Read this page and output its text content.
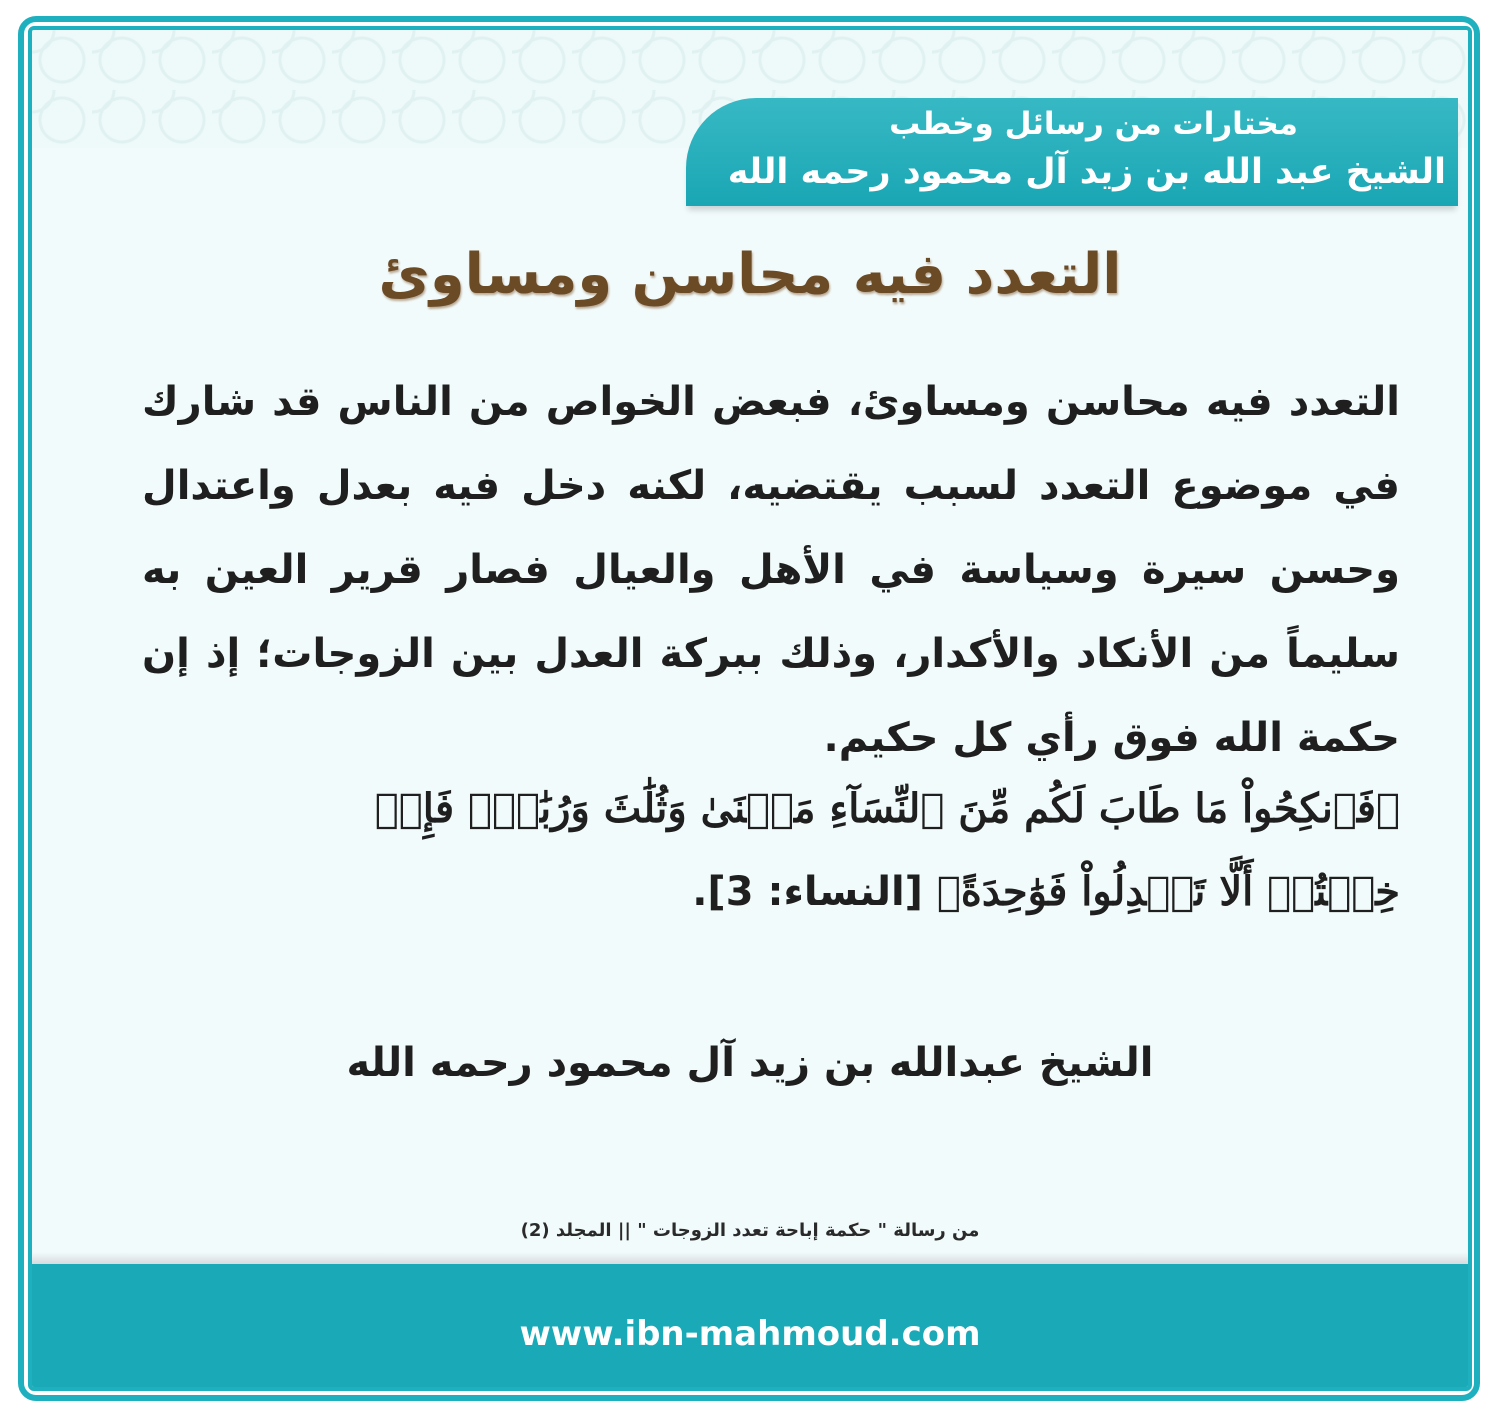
مختارات من رسائل وخطب
الشيخ عبد الله بن زيد آل محمود رحمه الله
التعدد فيه محاسن ومساوئ
التعدد فيه محاسن ومساوئ، فبعض الخواص من الناس قد شارك في موضوع التعدد لسبب يقتضيه، لكنه دخل فيه بعدل واعتدال وحسن سيرة وسياسة في الأهل والعيال فصار قرير العين به سليماً من الأنكاد والأكدار، وذلك ببركة العدل بين الزوجات؛ إذ إن حكمة الله فوق رأي كل حكيم.
﴿فَٱنكِحُواْ مَا طَابَ لَكُم مِّنَ ٱلنِّسَآءِ مَثۡنَىٰ وَثُلَٰثَ وَرُبَٰعَۖ فَإِنۡ
خِفۡتُمۡ أَلَّا تَعۡدِلُواْ فَوَٰحِدَةً﴾ [النساء: 3].
الشيخ عبدالله بن زيد آل محمود رحمه الله
من رسالة " حكمة إباحة تعدد الزوجات " || المجلد (2)
www.ibn-mahmoud.com
